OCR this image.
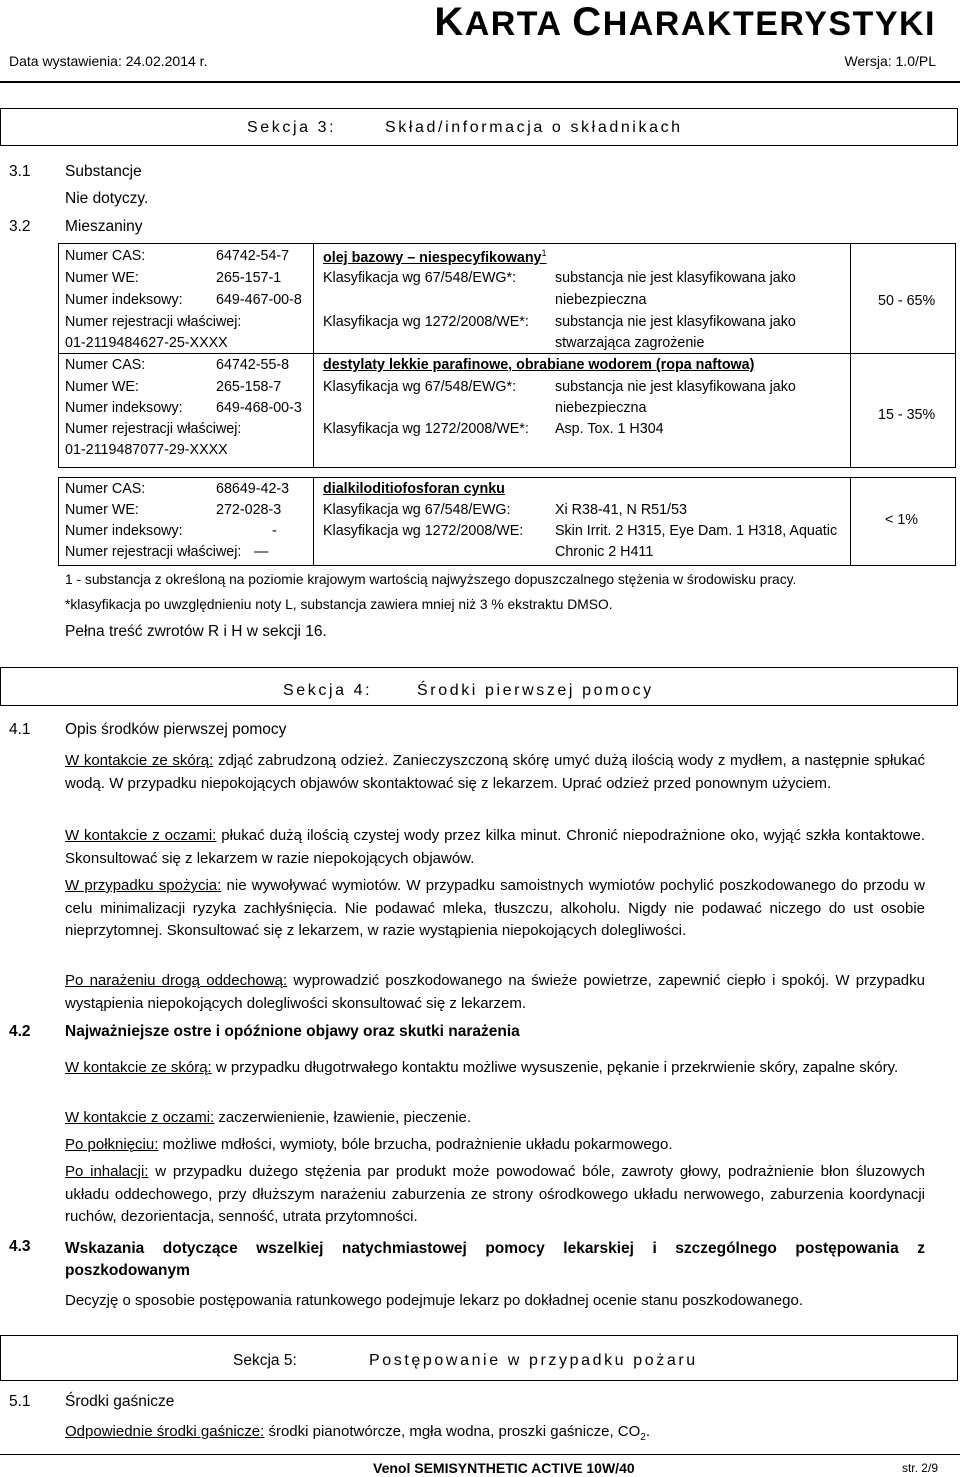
KARTA CHARAKTERYSTYKI
Data wystawienia: 24.02.2014 r.	Wersja: 1.0/PL
Sekcja 3:	Skład/informacja o składnikach
3.1 Substancje
Nie dotyczy.
3.2 Mieszaniny
Numer CAS:	64742-54-7
Numer WE:	265-157-1
Numer indeksowy: 649-467-00-8
Numer rejestracji właściwej:
01-2119484627-25-XXXX
olej bazowy – niespecyfikowany$^1$
Klasyfikacja wg 67/548/EWG*:	substancja nie jest klasyfikowana jako
niebezpieczna
Klasyfikacja wg 1272/2008/WE*: substancja nie jest klasyfikowana jako
stwarzająca zagrożenie
50 - 65%
Numer CAS:	64742-55-8
Numer WE:	265-158-7
Numer indeksowy: 649-468-00-3
Numer rejestracji właściwej:
01-2119487077-29-XXXX
destylaty lekkie parafinowe, obrabiane wodorem (ropa naftowa)
Klasyfikacja wg 67/548/EWG*:	substancja nie jest klasyfikowana jako
niebezpieczna
Klasyfikacja wg 1272/2008/WE*: Asp. Tox. 1 H304
15 - 35%
Numer CAS:	68649-42-3
Numer WE:	272-028-3
Numer indeksowy:	-
Numer rejestracji właściwej: —
dialkiloditiofosforan cynku
Klasyfikacja wg 67/548/EWG:	Xi R38-41, N R51/53
Klasyfikacja wg 1272/2008/WE: Skin Irrit. 2 H315, Eye Dam. 1 H318, Aquatic
Chronic 2 H411
< 1%
1 - substancja z określoną na poziomie krajowym wartością najwyższego dopuszczalnego stężenia w środowisku pracy.
*klasyfikacja po uwzględnieniu noty L, substancja zawiera mniej niż 3 % ekstraktu DMSO.
Pełna treść zwrotów R i H w sekcji 16.
Sekcja 4:	Środki pierwszej pomocy
4.1 Opis środków pierwszej pomocy
W kontakcie ze skórą: zdjąć zabrudzoną odzież. Zanieczyszczoną skórę umyć dużą ilością wody z mydłem, a następnie spłukać wodą. W przypadku niepokojących objawów skontaktować się z lekarzem. Uprać odzież przed ponownym użyciem.
W kontakcie z oczami: płukać dużą ilością czystej wody przez kilka minut. Chronić niepodrażnione oko, wyjąć szkła kontaktowe. Skonsultować się z lekarzem w razie niepokojących objawów.
W przypadku spożycia: nie wywoływać wymiotów. W przypadku samoistnych wymiotów pochylić poszkodowanego do przodu w celu minimalizacji ryzyka zachłyśnięcia. Nie podawać mleka, tłuszczu, alkoholu. Nigdy nie podawać niczego do ust osobie nieprzytomnej. Skonsultować się z lekarzem, w razie wystąpienia niepokojących dolegliwości.
Po narażeniu drogą oddechową: wyprowadzić poszkodowanego na świeże powietrze, zapewnić ciepło i spokój. W przypadku wystąpienia niepokojących dolegliwości skonsultować się z lekarzem.
4.2 Najważniejsze ostre i opóźnione objawy oraz skutki narażenia
W kontakcie ze skórą: w przypadku długotrwałego kontaktu możliwe wysuszenie, pękanie i przekrwienie skóry, zapalne skóry.
W kontakcie z oczami: zaczerwienienie, łzawienie, pieczenie.
Po połknięciu: możliwe mdłości, wymioty, bóle brzucha, podrażnienie układu pokarmowego.
Po inhalacji: w przypadku dużego stężenia par produkt może powodować bóle, zawroty głowy, podrażnienie błon śluzowych układu oddechowego, przy dłuższym narażeniu zaburzenia ze strony ośrodkowego układu nerwowego, zaburzenia koordynacji ruchów, dezorientacja, senność, utrata przytomności.
4.3 Wskazania dotyczące wszelkiej natychmiastowej pomocy lekarskiej i szczególnego postępowania z poszkodowanym
Decyzję o sposobie postępowania ratunkowego podejmuje lekarz po dokładnej ocenie stanu poszkodowanego.
Sekcja 5:	Postępowanie w przypadku pożaru
5.1 Środki gaśnicze
Odpowiednie środki gaśnicze: środki pianotwórcze, mgła wodna, proszki gaśnicze, $CO_2$.
Venol SEMISYNTHETIC ACTIVE 10W/40	str. 2/9
